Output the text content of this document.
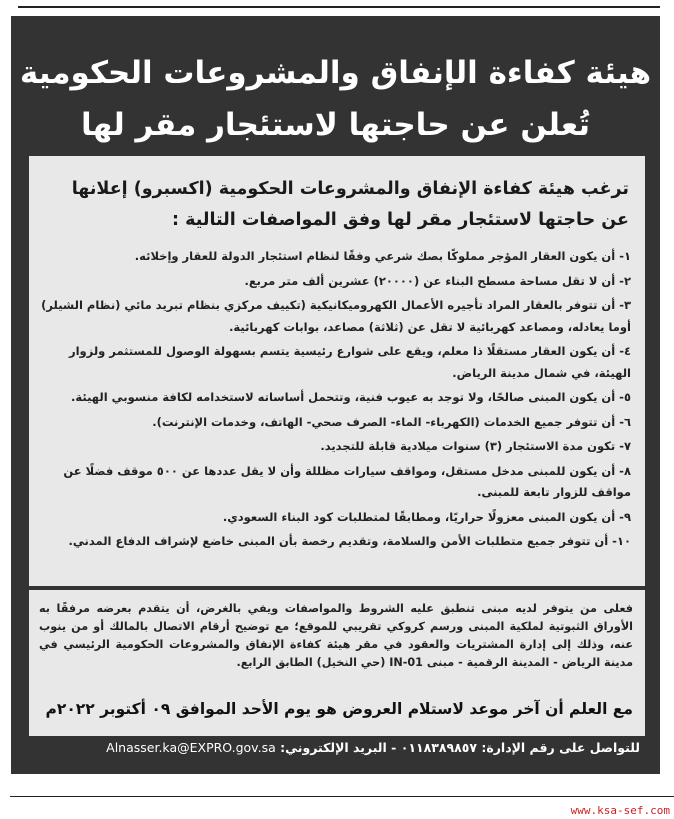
هيئة كفاءة الإنفاق والمشروعات الحكومية
تُعلن عن حاجتها لاستئجار مقر لها
ترغب هيئة كفاءة الإنفاق والمشروعات الحكومية (اكسبرو) إعلانها عن حاجتها لاستئجار مقر لها وفق المواصفات التالية :
١- أن يكون العقار المؤجر مملوكًا بصك شرعي وفقًا لنظام استئجار الدولة للعقار وإخلائه.
٢- أن لا تقل مساحة مسطح البناء عن (٢٠٠٠٠) عشرين ألف متر مربع.
٣- أن تتوفر بالعقار المراد تأجيره الأعمال الكهروميكانيكية (تكييف مركزي بنظام تبريد مائي (نظام الشيلر) أوما يعادله، ومصاعد كهربائية لا تقل عن (ثلاثة) مصاعد، بوابات كهربائية.
٤- أن يكون العقار مستقلًا ذا معلم، ويقع على شوارع رئيسية يتسم بسهولة الوصول للمستثمر ولزوار الهيئة، في شمال مدينة الرياض.
٥- أن يكون المبنى صالحًا، ولا توجد به عيوب فنية، وتتحمل أساساته لاستخدامه لكافة منسوبي الهيئة.
٦- أن تتوفر جميع الخدمات (الكهرباء- الماء- الصرف صحي- الهاتف، وخدمات الإنترنت).
٧- تكون مدة الاستئجار (٣) سنوات ميلادية قابلة للتجديد.
٨- أن يكون للمبنى مدخل مستقل، ومواقف سيارات مظللة وأن لا يقل عددها عن ٥٠٠ موقف فضلًا عن مواقف للزوار تابعة للمبنى.
٩- أن يكون المبنى معزولًا حراريًا، ومطابقًا لمتطلبات كود البناء السعودي.
١٠- أن تتوفر جميع متطلبات الأمن والسلامة، وتقديم رخصة بأن المبنى خاضع لإشراف الدفاع المدني.
فعلى من يتوفر لديه مبنى تنطبق عليه الشروط والمواصفات ويفي بالغرض، أن يتقدم بعرضه مرفقًا به الأوراق الثبوتية لملكية المبنى ورسم كروكي تقريبي للموقع؛ مع توضيح أرقام الاتصال بالمالك أو من ينوب عنه، وذلك إلى إدارة المشتريات والعقود في مقر هيئة كفاءة الإنفاق والمشروعات الحكومية الرئيسي في مدينة الرياض - المدينة الرقمية - مبنى IN-01 (حي النخيل) الطابق الرابع.
مع العلم أن آخر موعد لاستلام العروض هو يوم الأحد الموافق ٠٩ أكتوبر ٢٠٢٢م
للتواصل على رقم الإدارة: ٠١١٨٣٨٩٨٥٧ - البريد الإلكتروني: Alnasser.ka@EXPRO.gov.sa
www.ksa-sef.com
